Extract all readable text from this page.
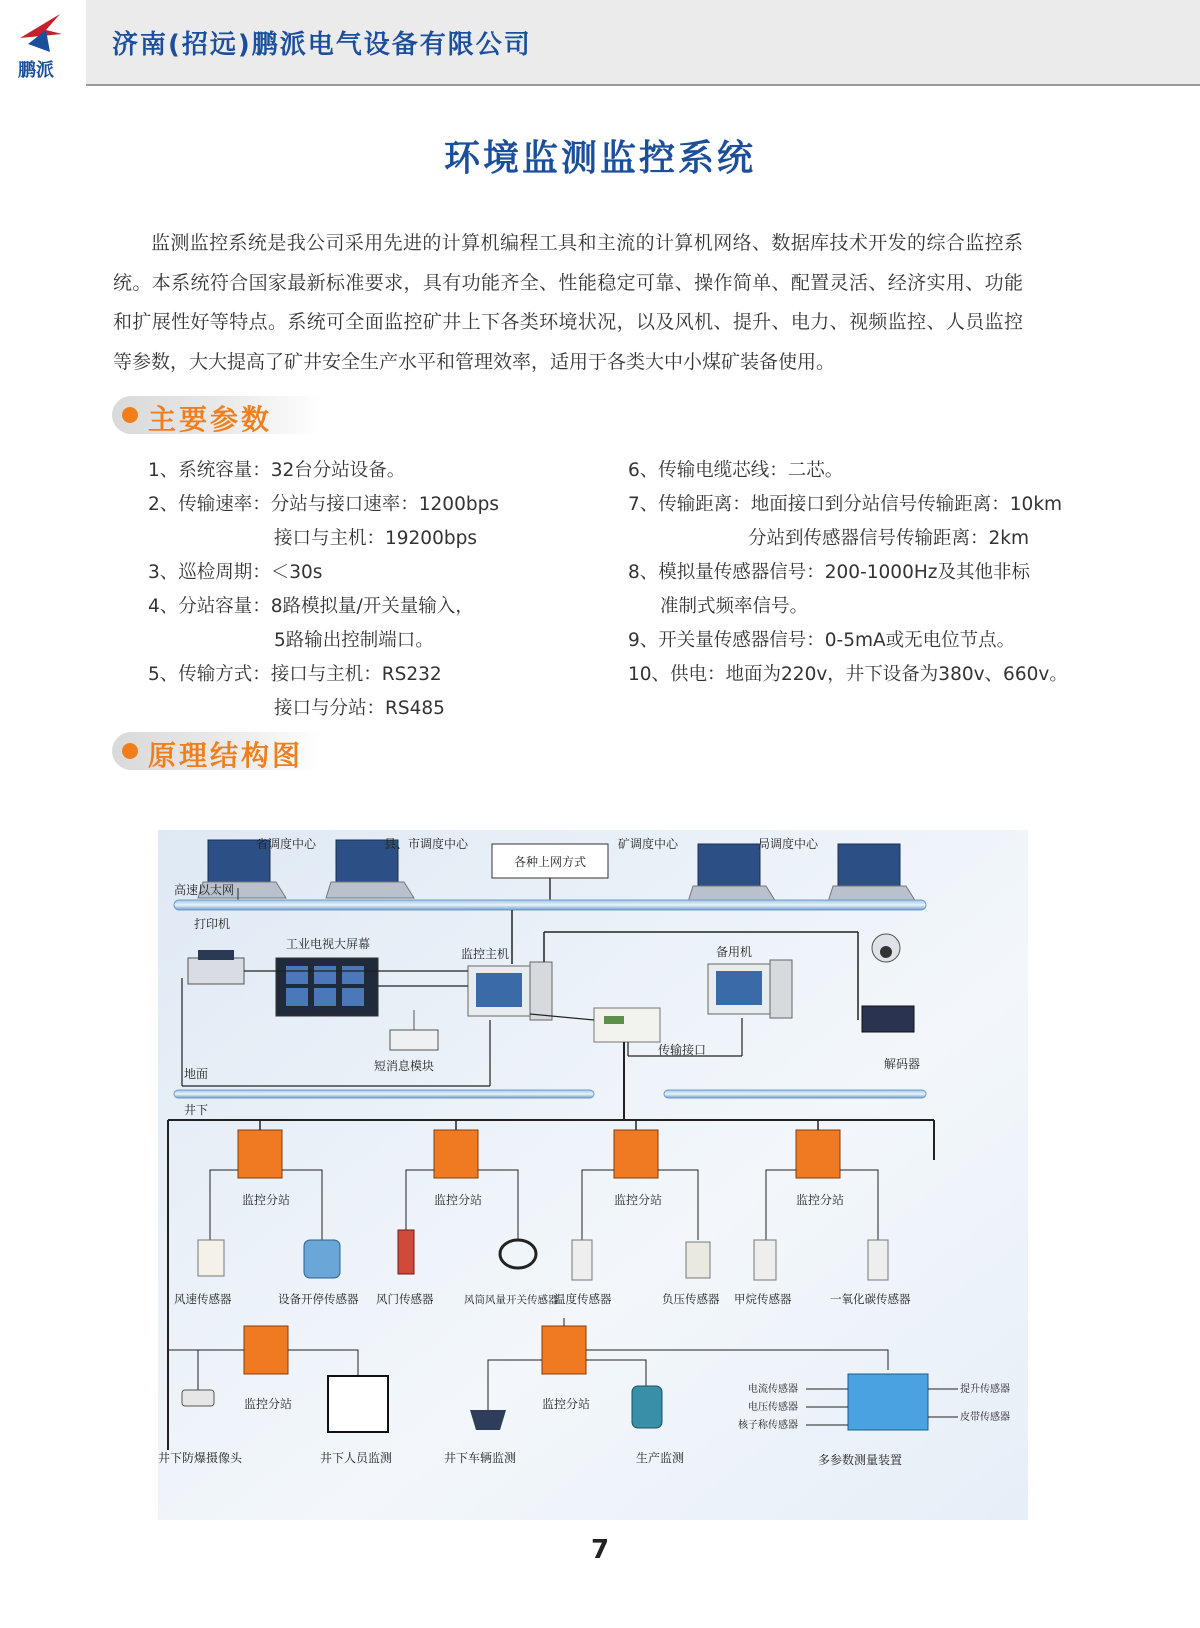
鹏派
济南(招远)鹏派电气设备有限公司
环境监测监控系统
监测监控系统是我公司采用先进的计算机编程工具和主流的计算机网络、数据库技术开发的综合监控系统。本系统符合国家最新标准要求，具有功能齐全、性能稳定可靠、操作简单、配置灵活、经济实用、功能和扩展性好等特点。系统可全面监控矿井上下各类环境状况，以及风机、提升、电力、视频监控、人员监控等参数，大大提高了矿井安全生产水平和管理效率，适用于各类大中小煤矿装备使用。
主要参数
1、系统容量：32台分站设备。
2、传输速率：分站与接口速率：1200bps
接口与主机：19200bps
3、巡检周期：＜30s
4、分站容量：8路模拟量/开关量输入，
5路输出控制端口。
5、传输方式：接口与主机：RS232
接口与分站：RS485
6、传输电缆芯线：二芯。
7、传输距离：地面接口到分站信号传输距离：10km
分站到传感器信号传输距离：2km
8、模拟量传感器信号：200-1000Hz及其他非标
准制式频率信号。
9、开关量传感器信号：0-5mA或无电位节点。
10、供电：地面为220v，井下设备为380v、660v。
原理结构图
省调度中心	县、市调度中心	矿调度中心	局调度中心
各种上网方式
高速以太网
打印机
工业电视大屏幕
监控主机	备用机
短消息模块
传输接口
解码器
地面
井下
监控分站	监控分站	监控分站	监控分站
风速传感器	设备开停传感器 风门传感器	风筒风量开关传感器
温度传感器	负压传感器 甲烷传感器	一氧化碳传感器
监控分站	监控分站
井下防爆摄像头	井下人员监测	井下车辆监测	生产监测	多参数测量装置
电流传感器
电压传感器
核子称传感器
提升传感器
皮带传感器
7
